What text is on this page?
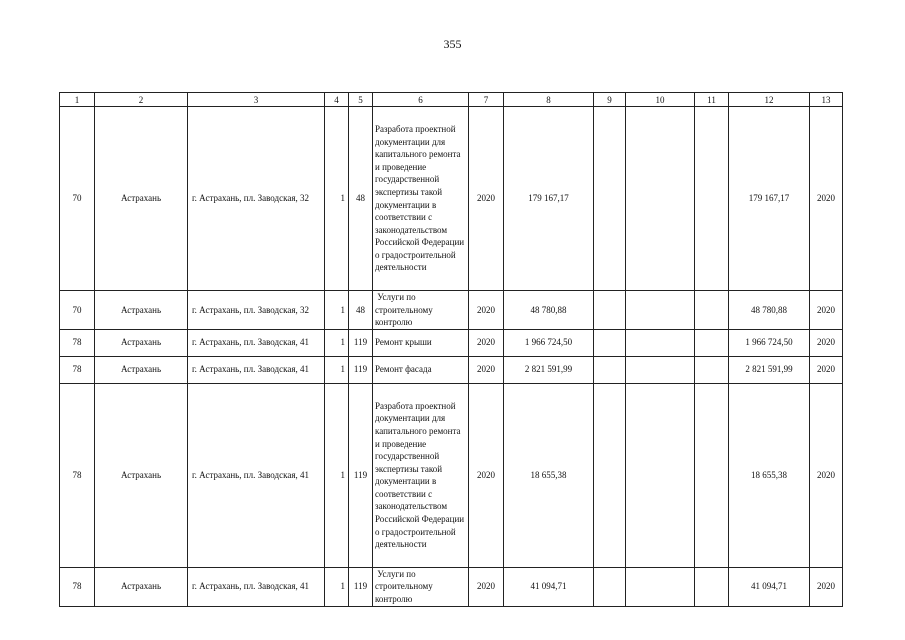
355
1	2	3	4	5	6	7	8	9	10	11	12	13
70	Астрахань	г. Астрахань, пл. Заводская, 32	1	48	Разработа проектной документации для капитального ремонта и проведение государственной экспертизы такой документации в соответствии с законодательством Российской Федерации о градостроительной деятельности	2020	179 167,17				179 167,17	2020
70	Астрахань	г. Астрахань, пл. Заводская, 32	1	48	Услуги по строительному контролю	2020	48 780,88				48 780,88	2020
78	Астрахань	г. Астрахань, пл. Заводская, 41	1	119	Ремонт крыши	2020	1 966 724,50				1 966 724,50	2020
78	Астрахань	г. Астрахань, пл. Заводская, 41	1	119	Ремонт фасада	2020	2 821 591,99				2 821 591,99	2020
78	Астрахань	г. Астрахань, пл. Заводская, 41	1	119	Разработа проектной документации для капитального ремонта и проведение государственной экспертизы такой документации в соответствии с законодательством Российской Федерации о градостроительной деятельности	2020	18 655,38				18 655,38	2020
78	Астрахань	г. Астрахань, пл. Заводская, 41	1	119	Услуги по строительному контролю	2020	41 094,71				41 094,71	2020
